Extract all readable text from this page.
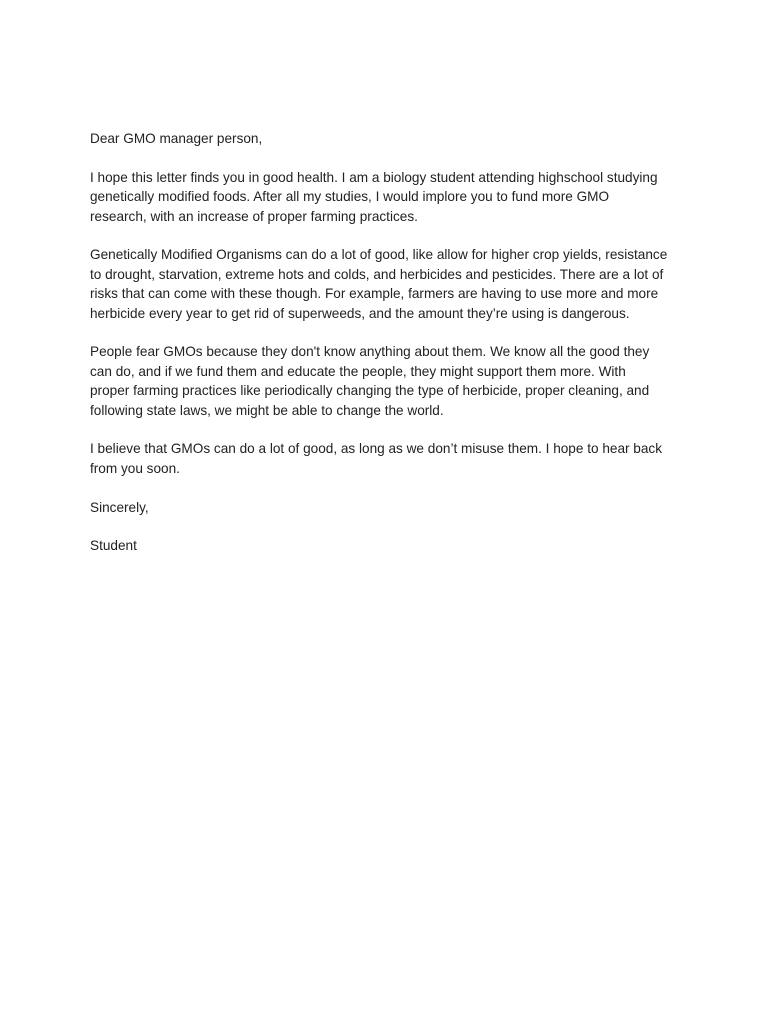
Dear GMO manager person,

I hope this letter finds you in good health. I am a biology student attending highschool studying
genetically modified foods. After all my studies, I would implore you to fund more GMO
research, with an increase of proper farming practices.

Genetically Modified Organisms can do a lot of good, like allow for higher crop yields, resistance
to drought, starvation, extreme hots and colds, and herbicides and pesticides. There are a lot of
risks that can come with these though. For example, farmers are having to use more and more
herbicide every year to get rid of superweeds, and the amount they’re using is dangerous.

People fear GMOs because they don't know anything about them. We know all the good they
can do, and if we fund them and educate the people, they might support them more. With
proper farming practices like periodically changing the type of herbicide, proper cleaning, and
following state laws, we might be able to change the world.

I believe that GMOs can do a lot of good, as long as we don’t misuse them. I hope to hear back
from you soon.

Sincerely,

Student
